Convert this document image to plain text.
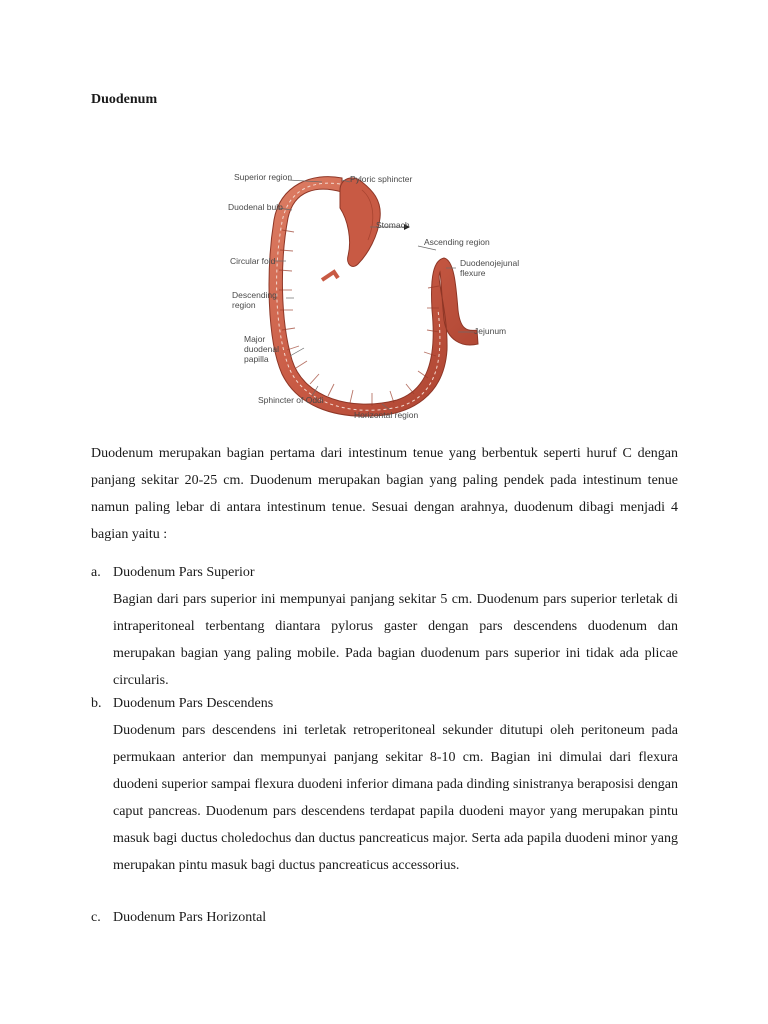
Duodenum
Superior region	Pyloric sphincter
Duodenal bulb
Stomach
Ascending region
Circular fold	Duodenojejunal
flexure
Descending
region
Jejunum
Major
duodenal
papilla
Sphincter of Oddi
Horizontal region

Duodenum merupakan bagian pertama dari intestinum tenue yang berbentuk seperti huruf C dengan panjang sekitar 20-25 cm. Duodenum merupakan bagian yang paling pendek pada intestinum tenue namun paling lebar di antara intestinum tenue. Sesuai dengan arahnya, duodenum dibagi menjadi 4 bagian yaitu :

a. Duodenum Pars Superior

Bagian dari pars superior ini mempunyai panjang sekitar 5 cm. Duodenum pars superior terletak di intraperitoneal terbentang diantara pylorus gaster dengan pars descendens duodenum dan merupakan bagian yang paling mobile. Pada bagian duodenum pars superior ini tidak ada plicae circularis.

b. Duodenum Pars Descendens

Duodenum pars descendens ini terletak retroperitoneal sekunder ditutupi oleh peritoneum pada permukaan anterior dan mempunyai panjang sekitar 8-10 cm. Bagian ini dimulai dari flexura duodeni superior sampai flexura duodeni inferior dimana pada dinding sinistranya beraposisi dengan caput pancreas. Duodenum pars descendens terdapat papila duodeni mayor yang merupakan pintu masuk bagi ductus choledochus dan ductus pancreaticus major. Serta ada papila duodeni minor yang merupakan pintu masuk bagi ductus pancreaticus accessorius.

c. Duodenum Pars Horizontal
